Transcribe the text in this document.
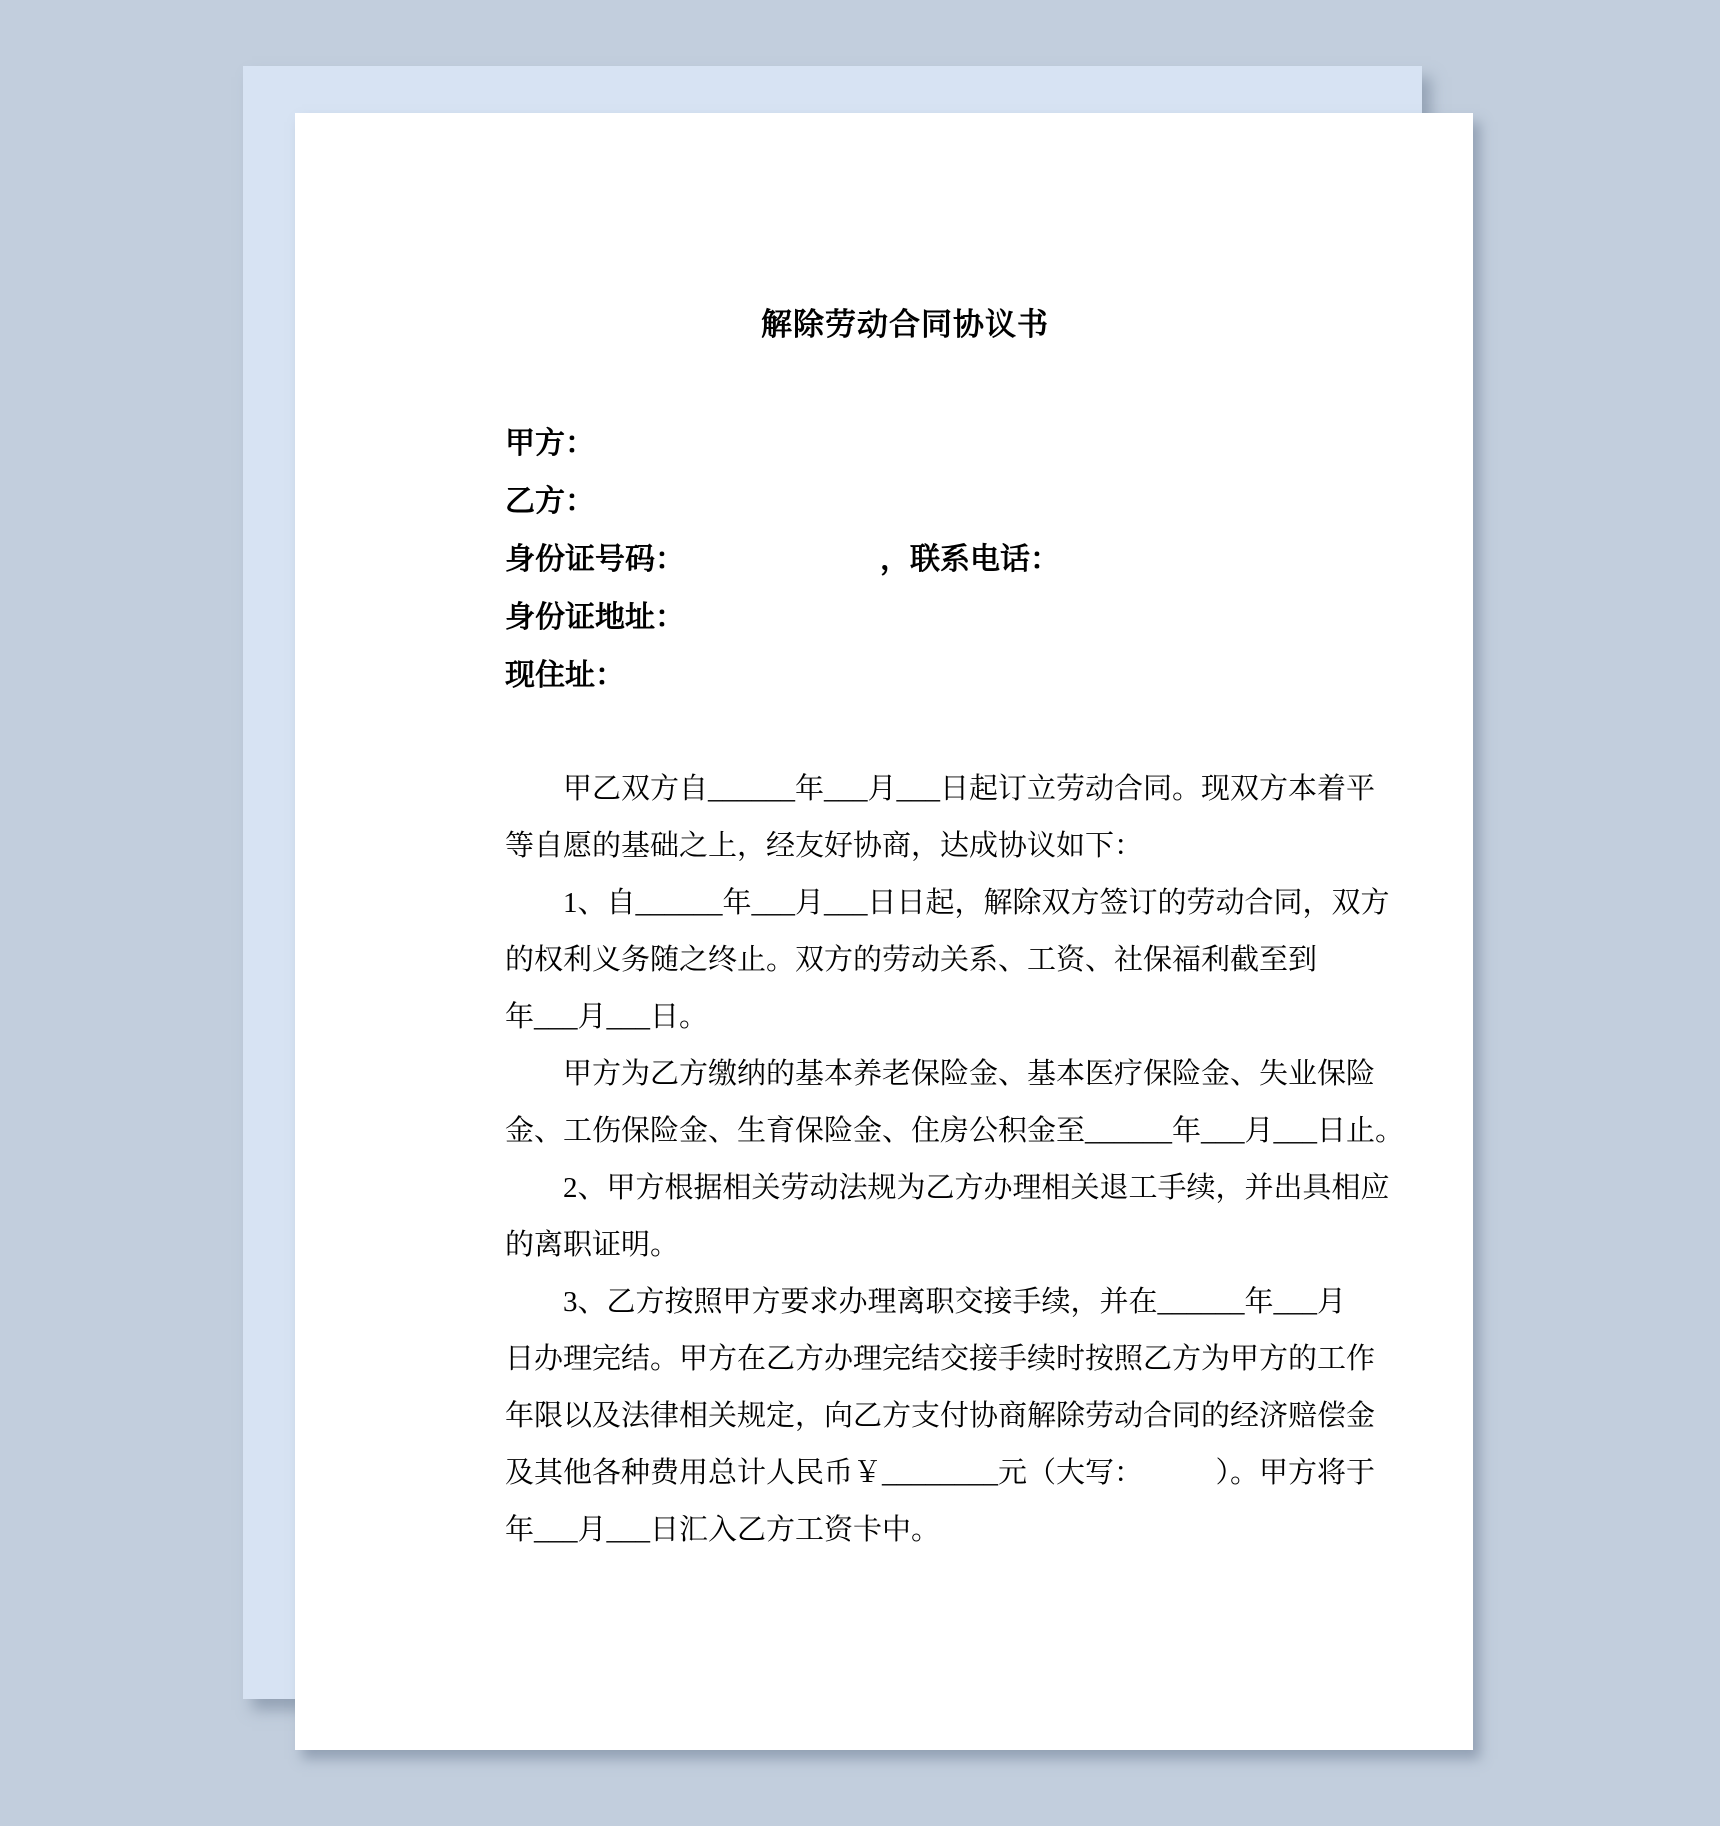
解除劳动合同协议书
甲方：
乙方：
身份证号码：　　　　　　　，联系电话：
身份证地址：
现住址：
甲乙双方自______年___月___日起订立劳动合同。现双方本着平
等自愿的基础之上，经友好协商，达成协议如下：
1、自______年___月___日日起，解除双方签订的劳动合同，双方
的权利义务随之终止。双方的劳动关系、工资、社保福利截至到
年___月___日。
甲方为乙方缴纳的基本养老保险金、基本医疗保险金、失业保险
金、工伤保险金、生育保险金、住房公积金至______年___月___日止。
2、甲方根据相关劳动法规为乙方办理相关退工手续，并出具相应
的离职证明。
3、乙方按照甲方要求办理离职交接手续，并在______年___月
日办理完结。甲方在乙方办理完结交接手续时按照乙方为甲方的工作
年限以及法律相关规定，向乙方支付协商解除劳动合同的经济赔偿金
及其他各种费用总计人民币￥________元（大写：　　　）。甲方将于
年___月___日汇入乙方工资卡中。
